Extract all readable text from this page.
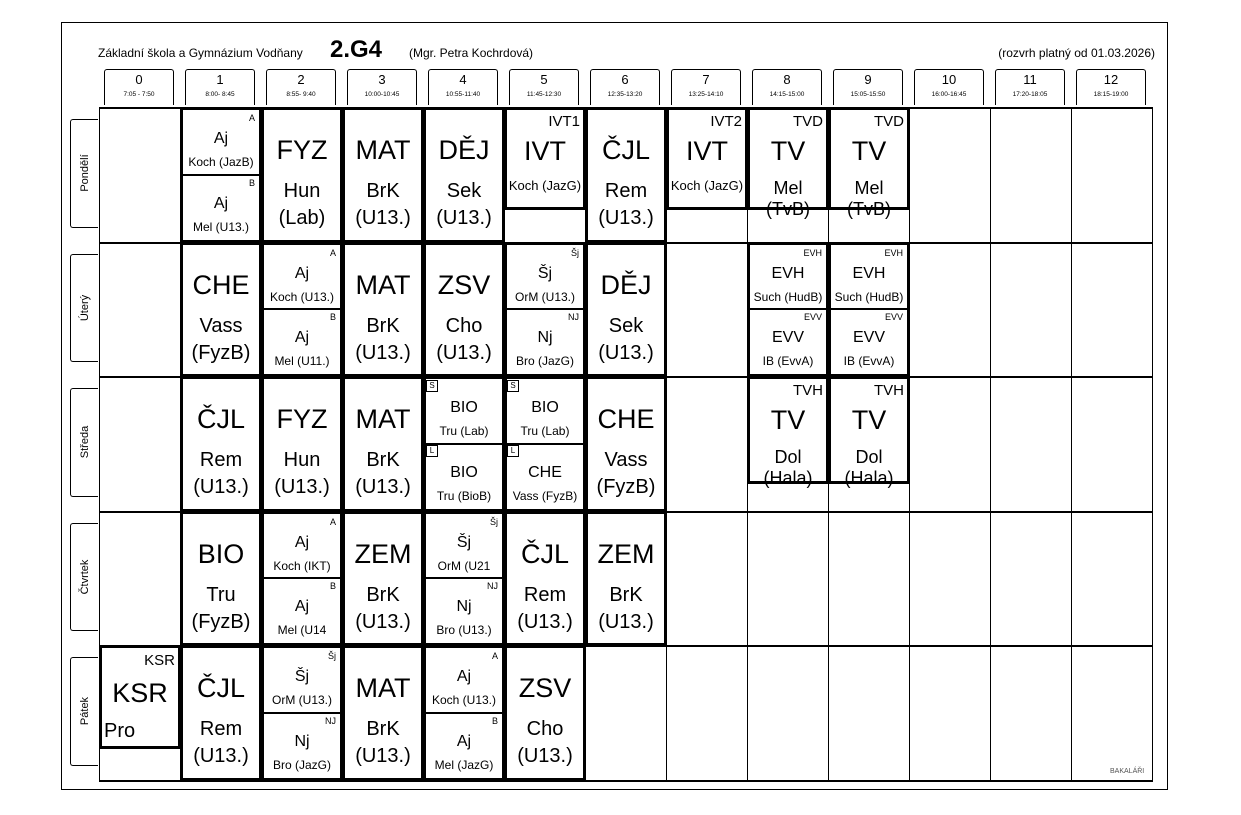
Základní škola a Gymnázium Vodňany 2.G4 (Mgr. Petra Kochrdová)	(rozvrh platný od 01.03.2026)
0
7:05 - 7:50
1
8:00- 8:45
2
8:55- 9:40
3
10:00-10:45
4
10:55-11:40
5
11:45-12:30
6
12:35-13:20
7
13:25-14:10
8
14:15-15:00
9
15:05-15:50
10
16:00-16:45
11
17:20-18:05
12
18:15-19:00
Pondělí
Úterý
Středa
Čtvrtek
Pátek
A
Aj
Koch (JazB)
B
Aj
Mel (U13.)
FYZ
Hun
(Lab)
MAT
BrK
(U13.)
DĚJ
Sek
(U13.)
IVT1
IVT
Koch (JazG)
ČJL
Rem
(U13.)
IVT2
IVT
Koch (JazG)
TVD
TV
Mel (TvB)
TVD
TV
Mel (TvB)
CHE
Vass
(FyzB)
A
Aj
Koch (U13.)
B
Aj
Mel (U11.)
MAT
BrK
(U13.)
ZSV
Cho
(U13.)
Šj
Šj
OrM (U13.)
NJ
Nj
Bro (JazG)
DĚJ
Sek
(U13.)
EVH
EVH
Such (HudB)
EVV
EVV
IB (EvvA)
EVH
EVH
Such (HudB)
EVV
EVV
IB (EvvA)
ČJL
Rem
(U13.)
FYZ
Hun
(U13.)
MAT
BrK
(U13.)
S
BIO
Tru (Lab)
L
BIO
Tru (BioB)
S
BIO
Tru (Lab)
L
CHE
Vass (FyzB)
CHE
Vass
(FyzB)
TVH
TV
Dol (Hala)
TVH
TV
Dol (Hala)
BIO
Tru
(FyzB)
A
Aj
Koch (IKT)
B
Aj
Mel (U14
ZEM
BrK
(U13.)
Šj
Šj
OrM (U21
NJ
Nj
Bro (U13.)
ČJL
Rem
(U13.)
ZEM
BrK
(U13.)
KSR
KSR
Pro
ČJL
Rem
(U13.)
Šj
Šj
OrM (U13.)
NJ
Nj
Bro (JazG)
MAT
BrK
(U13.)
A
Aj
Koch (U13.)
B
Aj
Mel (JazG)
ZSV
Cho
(U13.)
BAKALÁŘI
